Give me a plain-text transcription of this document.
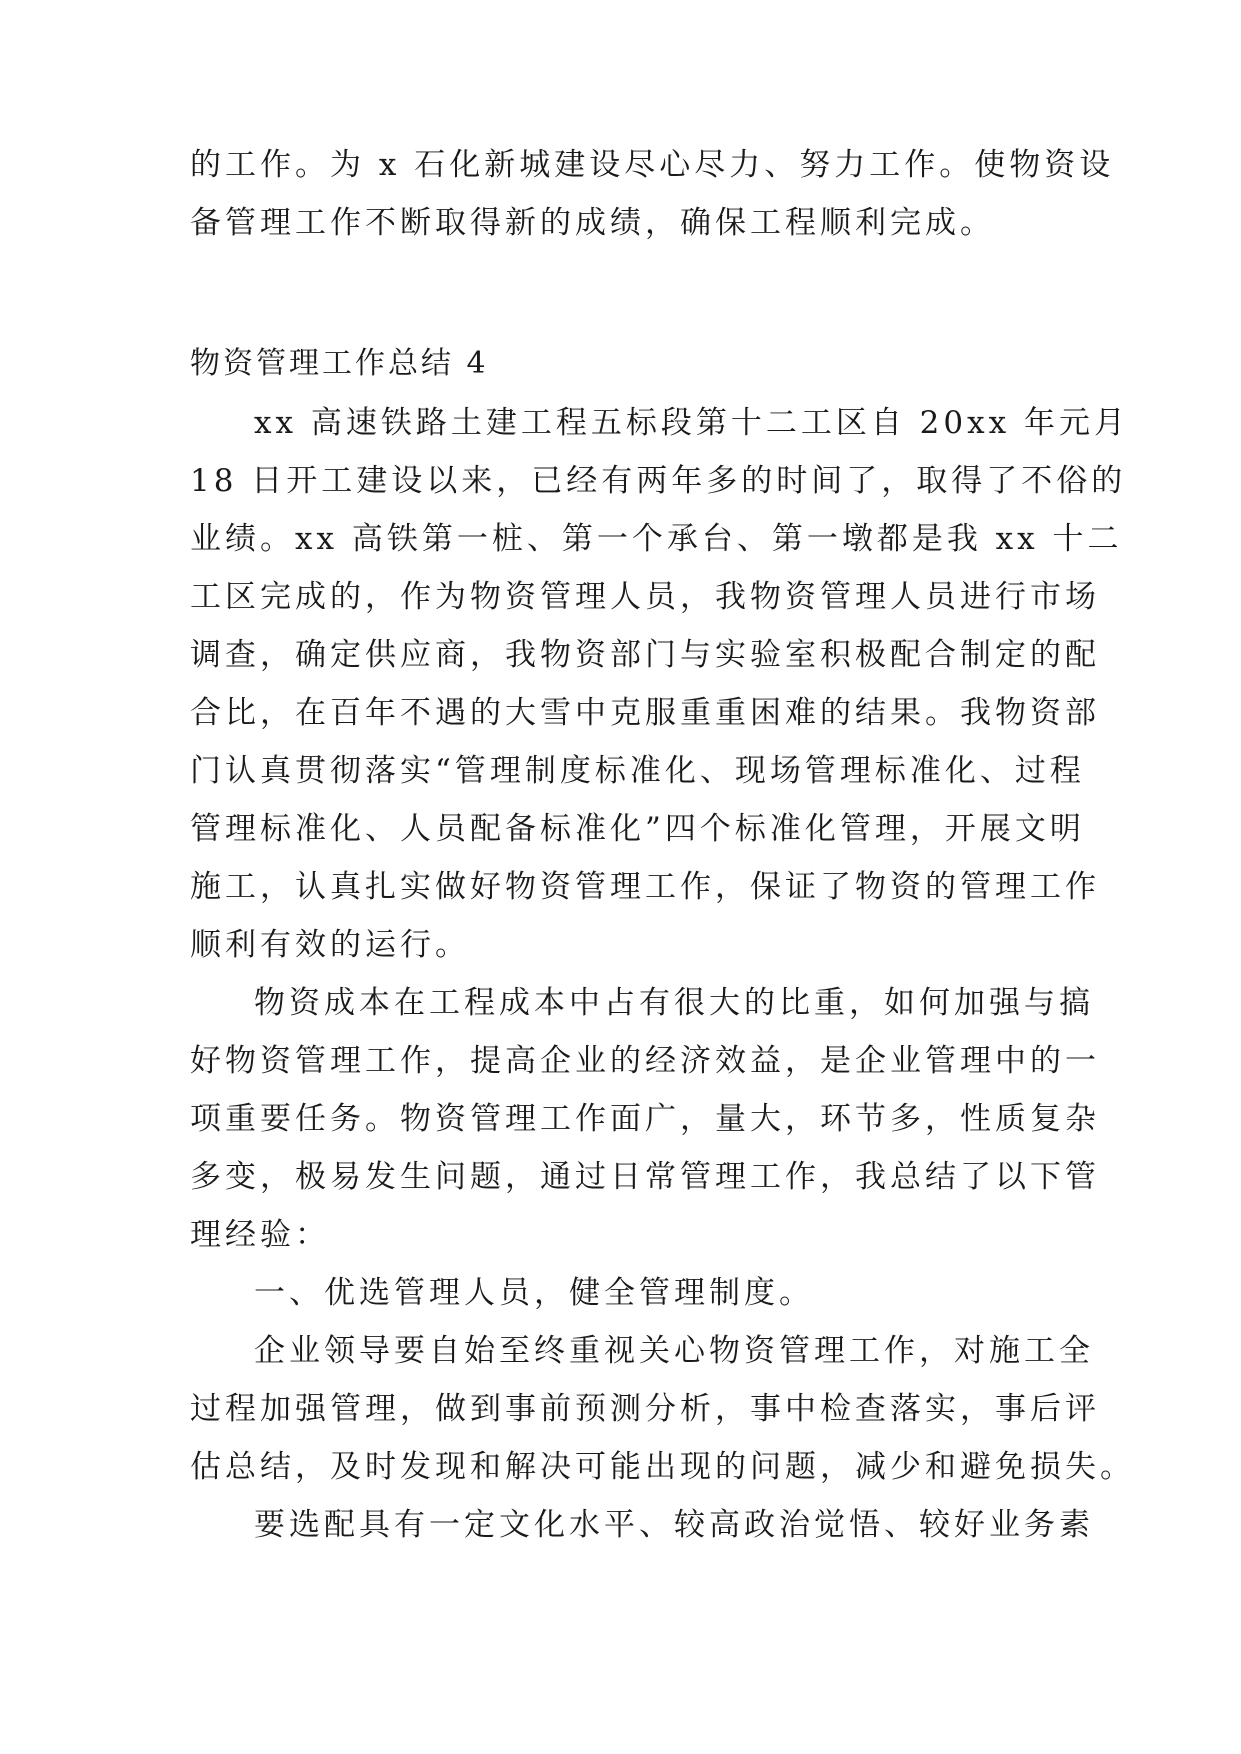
的工作。为 x 石化新城建设尽心尽力、努力工作。使物资设
备管理工作不断取得新的成绩，确保工程顺利完成。
物资管理工作总结 4
xx 高速铁路土建工程五标段第十二工区自 20xx 年元月
18 日开工建设以来，已经有两年多的时间了，取得了不俗的
业绩。xx 高铁第一桩、第一个承台、第一墩都是我 xx 十二
工区完成的，作为物资管理人员，我物资管理人员进行市场
调查，确定供应商，我物资部门与实验室积极配合制定的配
合比，在百年不遇的大雪中克服重重困难的结果。我物资部
门认真贯彻落实“管理制度标准化、现场管理标准化、过程
管理标准化、人员配备标准化”四个标准化管理，开展文明
施工，认真扎实做好物资管理工作，保证了物资的管理工作
顺利有效的运行。
物资成本在工程成本中占有很大的比重，如何加强与搞
好物资管理工作，提高企业的经济效益，是企业管理中的一
项重要任务。物资管理工作面广，量大，环节多，性质复杂
多变，极易发生问题，通过日常管理工作，我总结了以下管
理经验：
一、优选管理人员，健全管理制度。
企业领导要自始至终重视关心物资管理工作，对施工全
过程加强管理，做到事前预测分析，事中检查落实，事后评
估总结，及时发现和解决可能出现的问题，减少和避免损失。
要选配具有一定文化水平、较高政治觉悟、较好业务素
